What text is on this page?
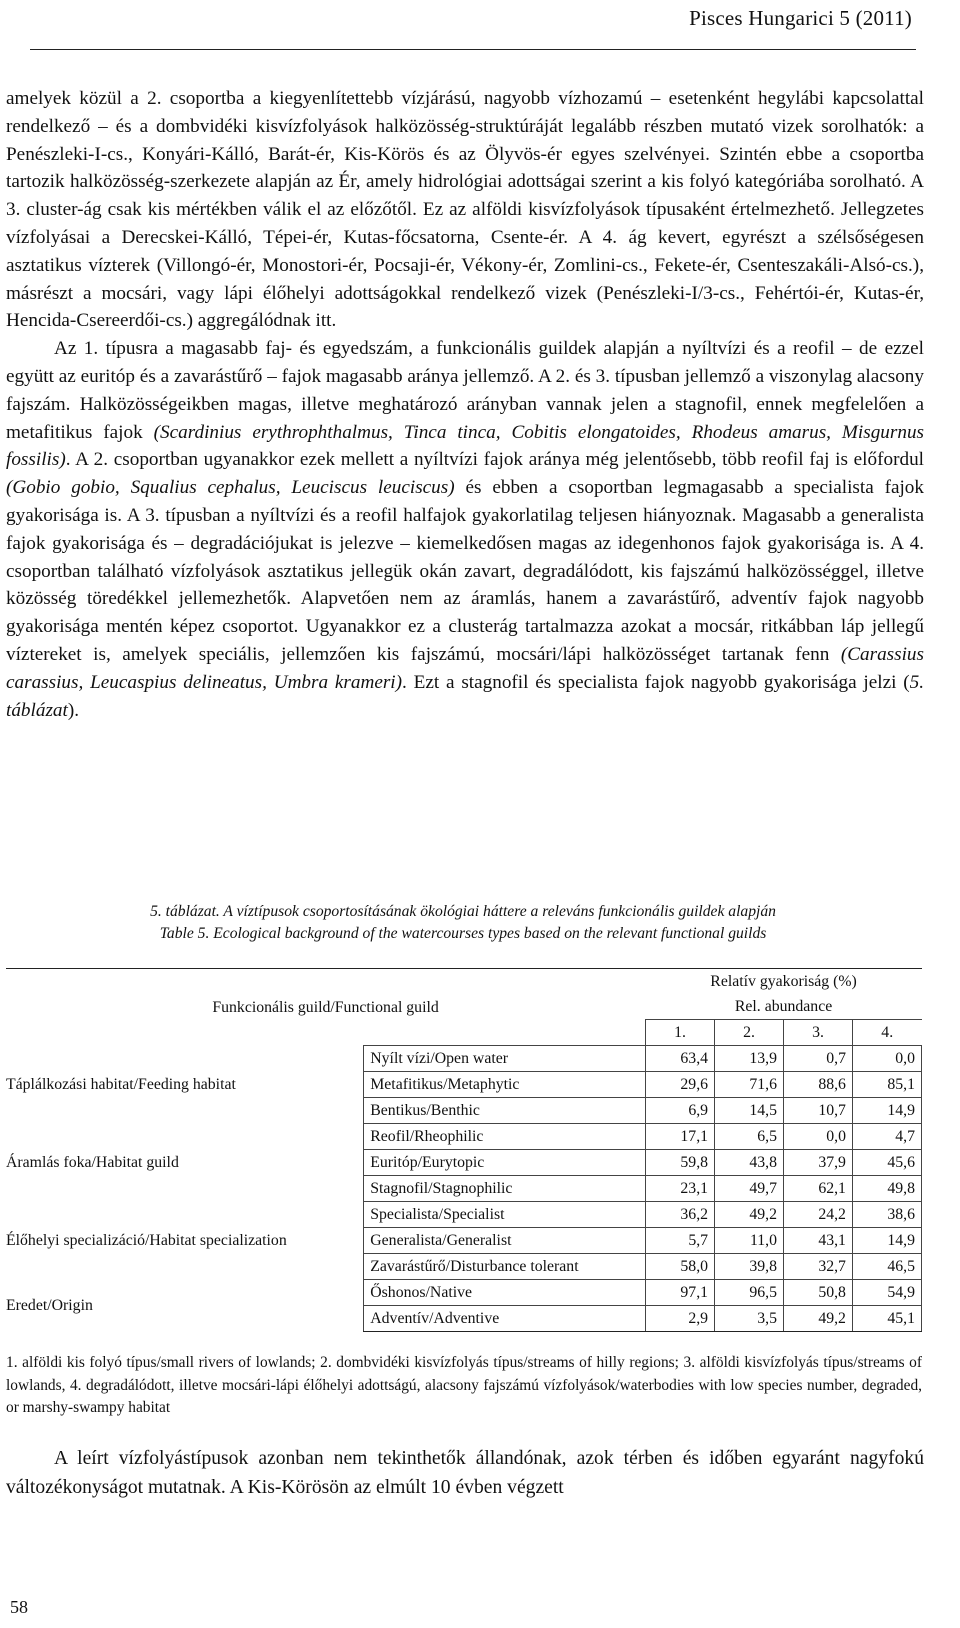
Pisces Hungarici 5 (2011)

amelyek közül a 2. csoportba a kiegyenlítettebb vízjárású, nagyobb vízhozamú – esetenként hegylábi kapcsolattal rendelkező – és a dombvidéki kisvízfolyások halközösség-struktúráját legalább részben mutató vizek sorolhatók: a Penészleki-I-cs., Konyári-Kálló, Barát-ér, Kis-Körös és az Ölyvös-ér egyes szelvényei. Szintén ebbe a csoportba tartozik halközösség-szerkezete alapján az Ér, amely hidrológiai adottságai szerint a kis folyó kategóriába sorolható. A 3. cluster-ág csak kis mértékben válik el az előzőtől. Ez az alföldi kisvízfolyások típusaként értelmezhető. Jellegzetes vízfolyásai a Derecskei-Kálló, Tépei-ér, Kutas-főcsatorna, Csente-ér. A 4. ág kevert, egyrészt a szélsőségesen asztatikus vízterek (Villongó-ér, Monostori-ér, Pocsaji-ér, Vékony-ér, Zomlini-cs., Fekete-ér, Csenteszakáli-Alsó-cs.), másrészt a mocsári, vagy lápi élőhelyi adottságokkal rendelkező vizek (Penészleki-I/3-cs., Fehértói-ér, Kutas-ér, Hencida-Csereerdői-cs.) aggregálódnak itt.

Az 1. típusra a magasabb faj- és egyedszám, a funkcionális guildek alapján a nyíltvízi és a reofil – de ezzel együtt az euritóp és a zavarástűrő – fajok magasabb aránya jellemző. A 2. és 3. típusban jellemző a viszonylag alacsony fajszám. Halközösségeikben magas, illetve meghatározó arányban vannak jelen a stagnofil, ennek megfelelően a metafitikus fajok (Scardinius erythrophthalmus, Tinca tinca, Cobitis elongatoides, Rhodeus amarus, Misgurnus fossilis). A 2. csoportban ugyanakkor ezek mellett a nyíltvízi fajok aránya még jelentősebb, több reofil faj is előfordul (Gobio gobio, Squalius cephalus, Leuciscus leuciscus) és ebben a csoportban legmagasabb a specialista fajok gyakorisága is. A 3. típusban a nyíltvízi és a reofil halfajok gyakorlatilag teljesen hiányoznak. Magasabb a generalista fajok gyakorisága és – degradációjukat is jelezve – kiemelkedősen magas az idegenhonos fajok gyakorisága is. A 4. csoportban található vízfolyások asztatikus jellegük okán zavart, degradálódott, kis fajszámú halközösséggel, illetve közösség töredékkel jellemezhetők. Alapvetően nem az áramlás, hanem a zavarástűrő, adventív fajok nagyobb gyakorisága mentén képez csoportot. Ugyanakkor ez a clusterág tartalmazza azokat a mocsár, ritkábban láp jellegű víztereket is, amelyek speciális, jellemzően kis fajszámú, mocsári/lápi halközösséget tartanak fenn (Carassius carassius, Leucaspius delineatus, Umbra krameri). Ezt a stagnofil és specialista fajok nagyobb gyakorisága jelzi (5. táblázat).

5. táblázat. A víztípusok csoportosításának ökológiai háttere a releváns funkcionális guildek alapján
Table 5. Ecological background of the watercourses types based on the relevant functional guilds
Funkcionális guild/Functional guild		Relatív gyakoriság (%)			
		Rel. abundance			
		1.	2.	3.	4.
Táplálkozási habitat/Feeding habitat	Nyílt vízi/Open water	63,4	13,9	0,7	0,0
	Metafitikus/Metaphytic	29,6	71,6	88,6	85,1
	Bentikus/Benthic	6,9	14,5	10,7	14,9
Áramlás foka/Habitat guild	Reofil/Rheophilic	17,1	6,5	0,0	4,7
	Euritóp/Eurytopic	59,8	43,8	37,9	45,6
	Stagnofil/Stagnophilic	23,1	49,7	62,1	49,8
Élőhelyi specializáció/Habitat specialization	Specialista/Specialist	36,2	49,2	24,2	38,6
	Generalista/Generalist	5,7	11,0	43,1	14,9
	Zavarástűrő/Disturbance tolerant	58,0	39,8	32,7	46,5
Eredet/Origin	Őshonos/Native	97,1	96,5	50,8	54,9
	Adventív/Adventive	2,9	3,5	49,2	45,1
1. alföldi kis folyó típus/small rivers of lowlands; 2. dombvidéki kisvízfolyás típus/streams of hilly regions; 3. alföldi kisvízfolyás típus/streams of lowlands, 4. degradálódott, illetve mocsári-lápi élőhelyi adottságú, alacsony fajszámú vízfolyások/waterbodies with low species number, degraded, or marshy-swampy habitat

A leírt vízfolyástípusok azonban nem tekinthetők állandónak, azok térben és időben egyaránt nagyfokú változékonyságot mutatnak. A Kis-Körösön az elmúlt 10 évben végzett

58
